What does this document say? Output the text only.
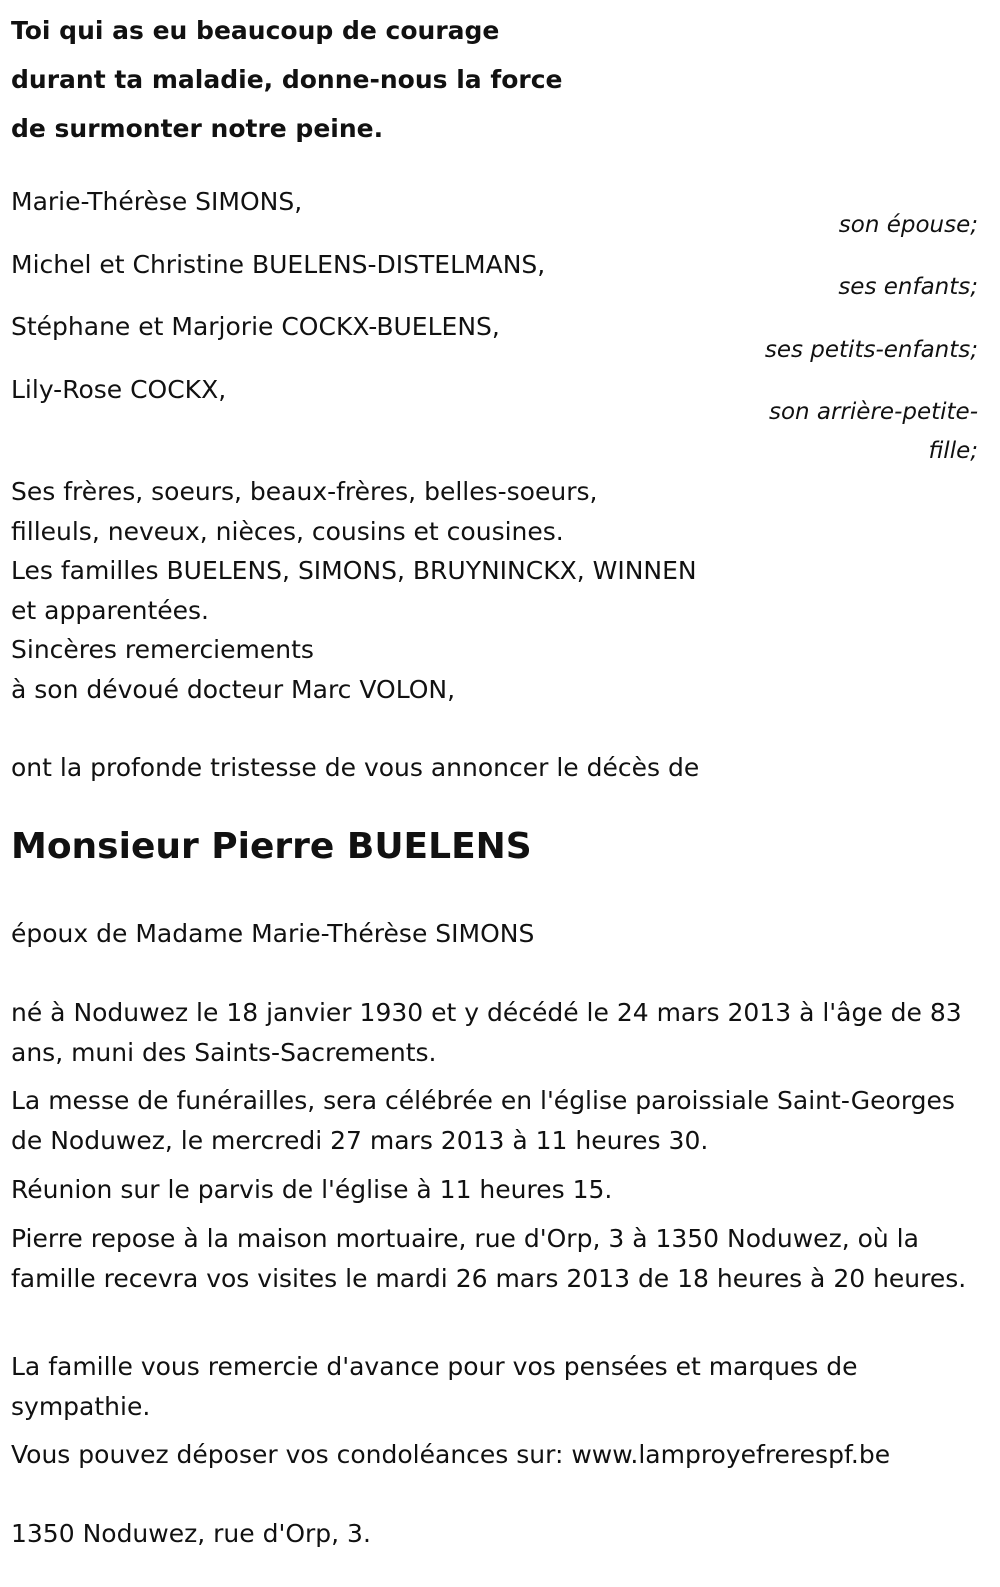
Toi qui as eu beaucoup de courage
durant ta maladie, donne-nous la force
de surmonter notre peine.
Marie-Thérèse SIMONS,
son épouse;
Michel et Christine BUELENS-DISTELMANS,
ses enfants;
Stéphane et Marjorie COCKX-BUELENS,
ses petits-enfants;
Lily-Rose COCKX,
son arrière-petite-
fille;

Ses frères, soeurs, beaux-frères, belles-soeurs,

filleuls, neveux, nièces, cousins et cousines.

Les familles BUELENS, SIMONS, BRUYNINCKX, WINNEN

et apparentées.

Sincères remerciements

à son dévoué docteur Marc VOLON,

ont la profonde tristesse de vous annoncer le décès de

Monsieur Pierre BUELENS

époux de Madame Marie-Thérèse SIMONS

né à Noduwez le 18 janvier 1930 et y décédé le 24 mars 2013 à l'âge de 83 ans, muni des Saints-Sacrements.
La messe de funérailles, sera célébrée en l'église paroissiale Saint-Georges de Noduwez, le mercredi 27 mars 2013 à 11 heures 30.
Réunion sur le parvis de l'église à 11 heures 15.
Pierre repose à la maison mortuaire, rue d'Orp, 3 à 1350 Noduwez, où la famille recevra vos visites le mardi 26 mars 2013 de 18 heures à 20 heures.
La famille vous remercie d'avance pour vos pensées et marques de sympathie.
Vous pouvez déposer vos condoléances sur: www.lamproyefrerespf.be
1350 Noduwez, rue d'Orp, 3.
